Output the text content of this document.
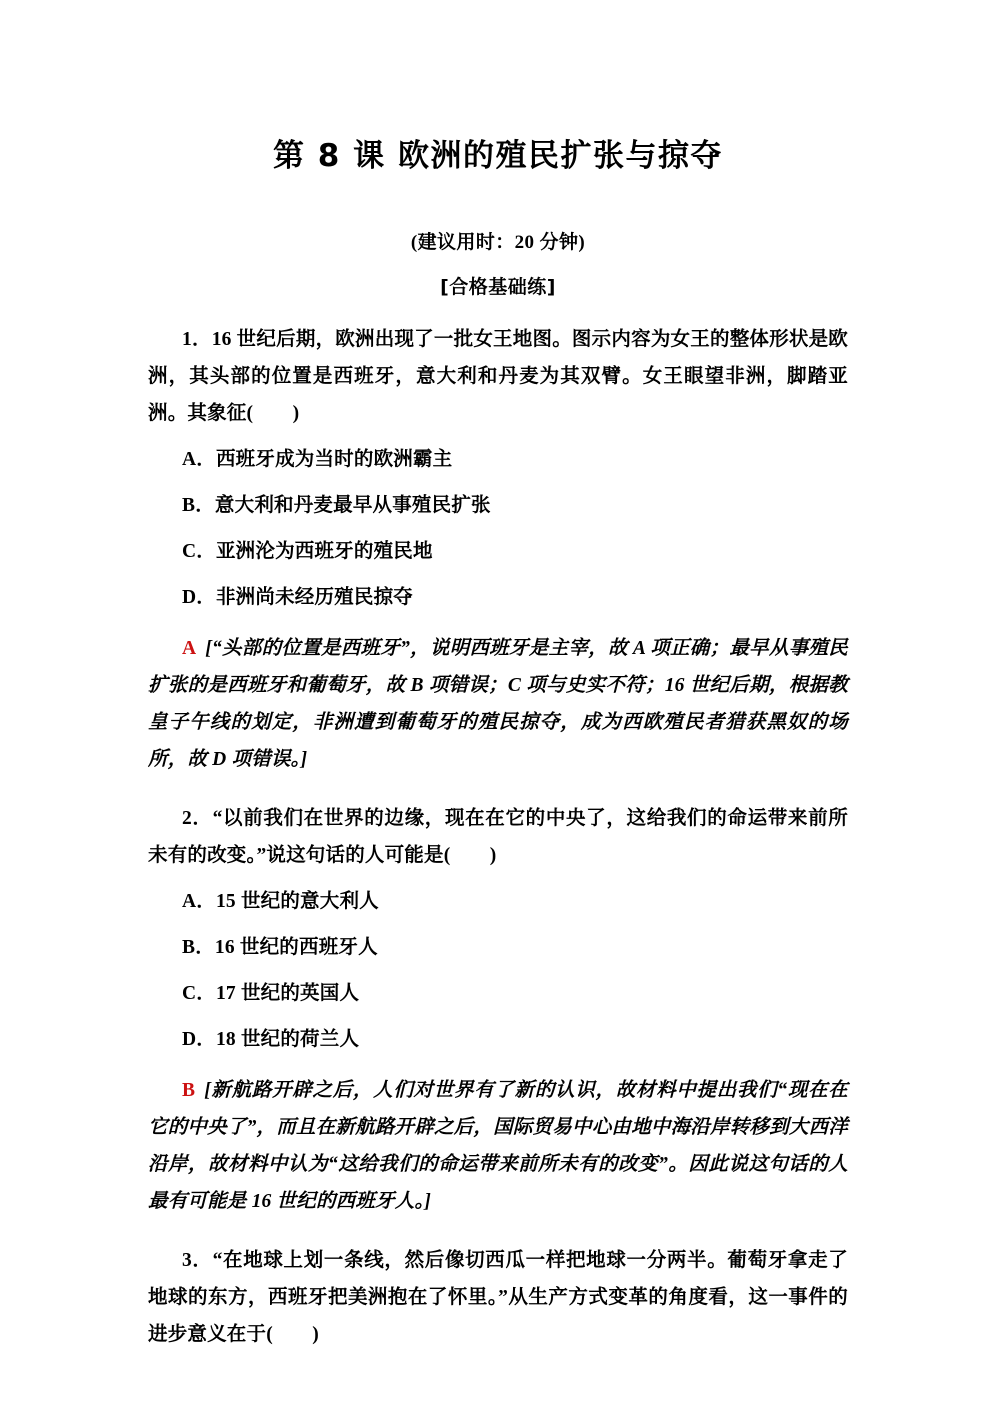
第 8 课 欧洲的殖民扩张与掠夺

(建议用时：20 分钟)

[合格基础练]

1．16 世纪后期，欧洲出现了一批女王地图。图示内容为女王的整体形状是欧洲，其头部的位置是西班牙，意大利和丹麦为其双臂。女王眼望非洲，脚踏亚洲。其象征(　　)

A．西班牙成为当时的欧洲霸主
B．意大利和丹麦最早从事殖民扩张
C．亚洲沦为西班牙的殖民地
D．非洲尚未经历殖民掠夺

A [“头部的位置是西班牙”，说明西班牙是主宰，故 A 项正确；最早从事殖民扩张的是西班牙和葡萄牙，故 B 项错误；C 项与史实不符；16 世纪后期，根据教皇子午线的划定，非洲遭到葡萄牙的殖民掠夺，成为西欧殖民者猎获黑奴的场所，故 D 项错误。]

2．“以前我们在世界的边缘，现在在它的中央了，这给我们的命运带来前所未有的改变。”说这句话的人可能是(　　)

A．15 世纪的意大利人
B．16 世纪的西班牙人
C．17 世纪的英国人
D．18 世纪的荷兰人

B [新航路开辟之后，人们对世界有了新的认识，故材料中提出我们“现在在它的中央了”，而且在新航路开辟之后，国际贸易中心由地中海沿岸转移到大西洋沿岸，故材料中认为“这给我们的命运带来前所未有的改变”。因此说这句话的人最有可能是 16 世纪的西班牙人。]

3．“在地球上划一条线，然后像切西瓜一样把地球一分两半。葡萄牙拿走了地球的东方，西班牙把美洲抱在了怀里。”从生产方式变革的角度看，这一事件的进步意义在于(　　)
